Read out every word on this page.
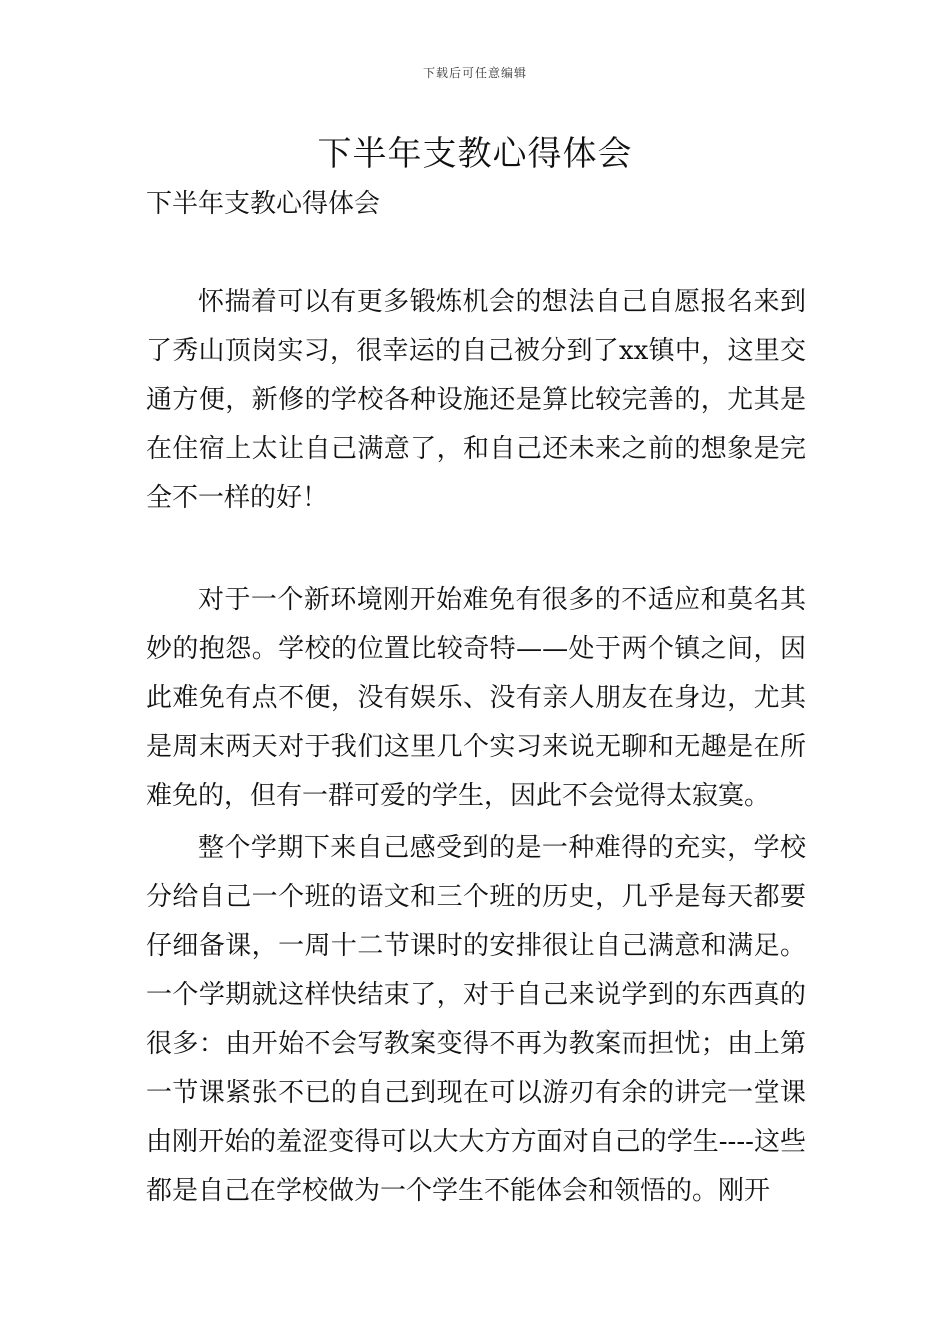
下载后可任意编辑
下半年支教心得体会
下半年支教心得体会

怀揣着可以有更多锻炼机会的想法自己自愿报名来到了秀山顶岗实习，很幸运的自己被分到了xx镇中，这里交通方便，新修的学校各种设施还是算比较完善的，尤其是在住宿上太让自己满意了，和自己还未来之前的想象是完全不一样的好！

对于一个新环境刚开始难免有很多的不适应和莫名其妙的抱怨。学校的位置比较奇特——处于两个镇之间，因此难免有点不便，没有娱乐、没有亲人朋友在身边，尤其是周末两天对于我们这里几个实习来说无聊和无趣是在所难免的，但有一群可爱的学生，因此不会觉得太寂寞。

整个学期下来自己感受到的是一种难得的充实，学校分给自己一个班的语文和三个班的历史，几乎是每天都要仔细备课，一周十二节课时的安排很让自己满意和满足。一个学期就这样快结束了，对于自己来说学到的东西真的很多：由开始不会写教案变得不再为教案而担忧；由上第一节课紧张不已的自己到现在可以游刃有余的讲完一堂课由刚开始的羞涩变得可以大大方方面对自己的学生----这些都是自己在学校做为一个学生不能体会和领悟的。刚开
